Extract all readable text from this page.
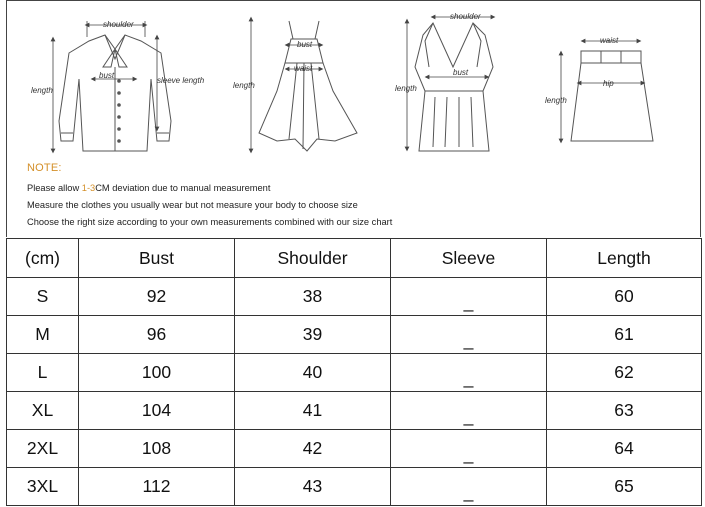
shoulder
bust
length
sleeve length
bust
waist
length
shoulder
bust
length
waist
hip
length
NOTE:
Please allow 1-3CM deviation due to manual measurement
Measure the clothes you usually wear but not measure your body to choose size
Choose the right size according to your own measurements combined with our size chart
(cm)	Bust	Shoulder	Sleeve	Length
S	92	38	_	60
M	96	39	_	61
L	100	40	_	62
XL	104	41	_	63
2XL	108	42	_	64
3XL	112	43	_	65
